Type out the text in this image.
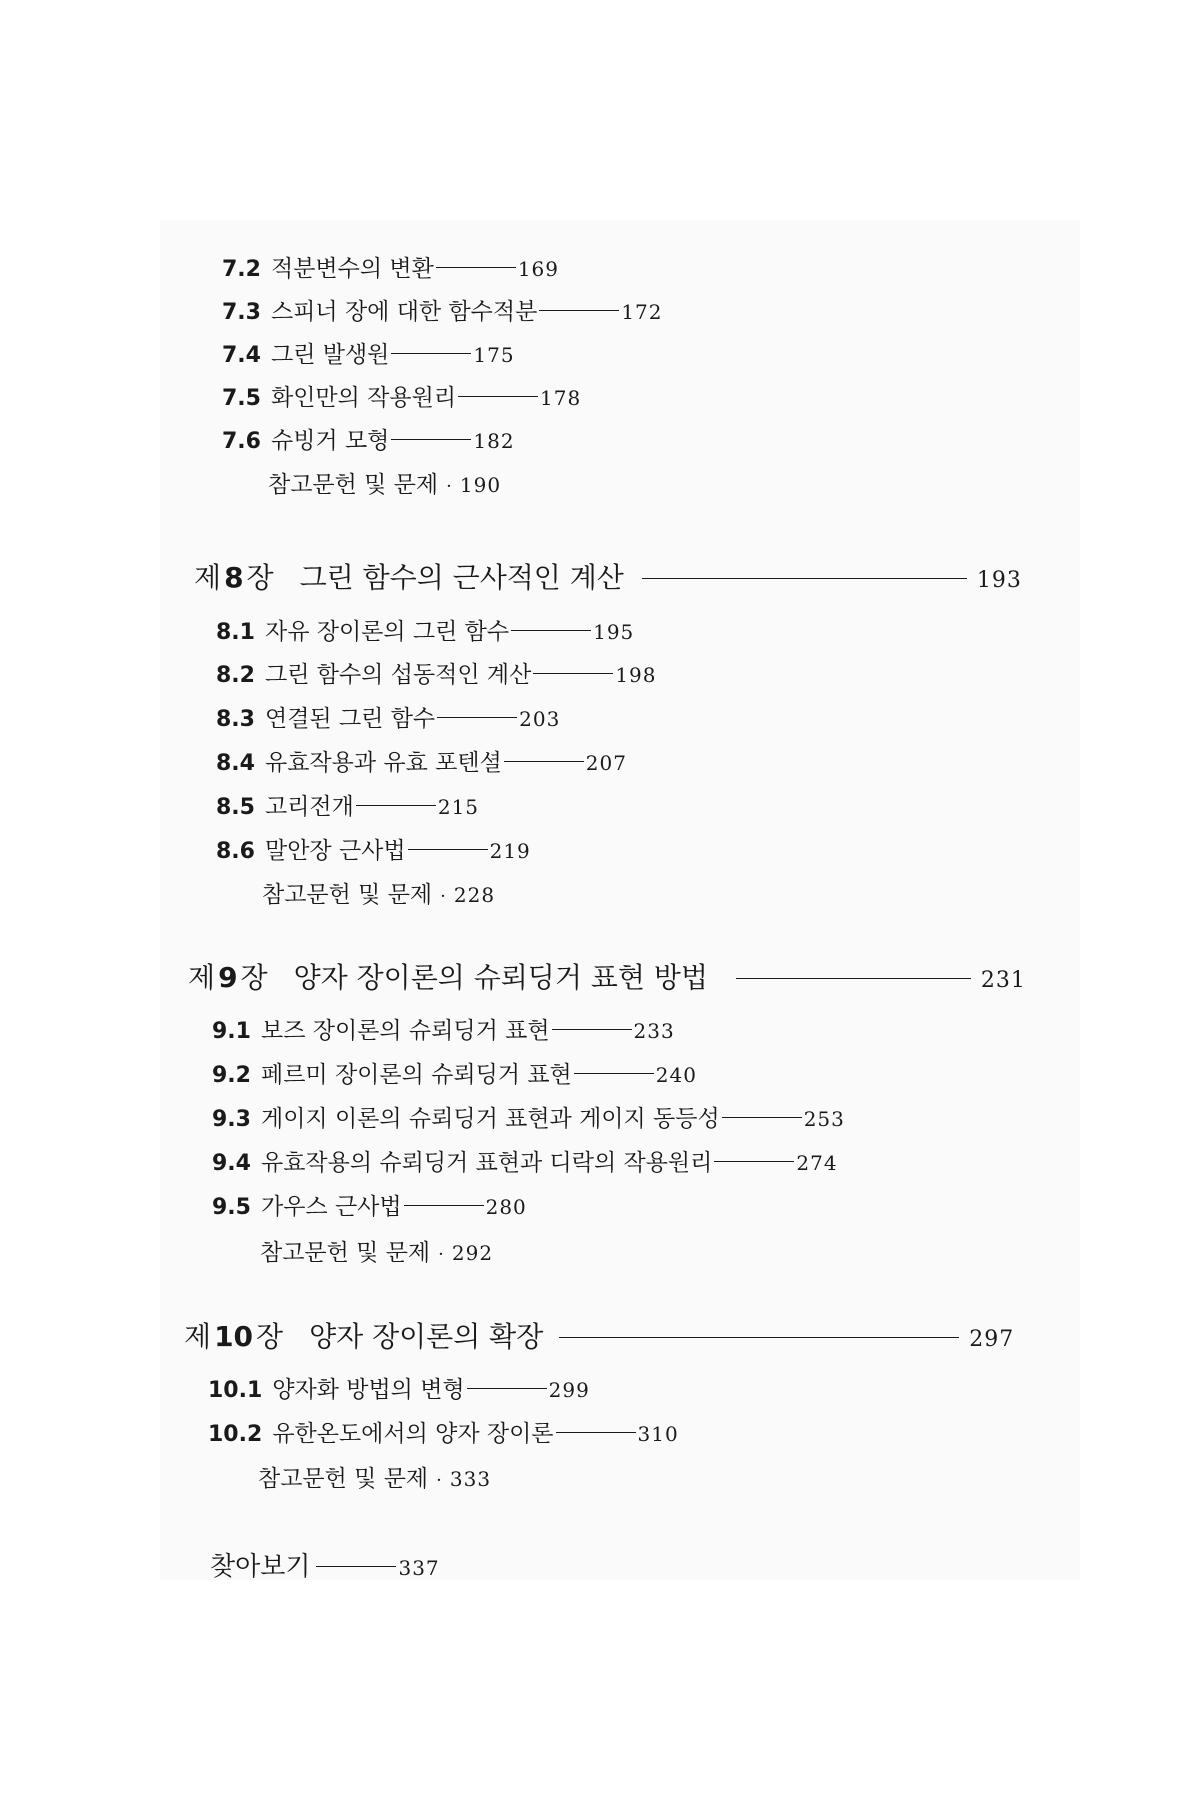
7.2 적분변수의 변환	169
7.3 스피너 장에 대한 함수적분	172
7.4 그린 발생원	175
7.5 화인만의 작용원리	178
7.6 슈빙거 모형	182
참고문헌 및 문제 · 190
제 8 장 그린 함수의 근사적인 계산	193
8.1 자유 장이론의 그린 함수	195
8.2 그린 함수의 섭동적인 계산	198
8.3 연결된 그린 함수	203
8.4 유효작용과 유효 포텐셜	207
8.5 고리전개	215
8.6 말안장 근사법	219
참고문헌 및 문제 · 228
제 9 장 양자 장이론의 슈뢰딩거 표현 방법	231
9.1 보즈 장이론의 슈뢰딩거 표현	233
9.2 페르미 장이론의 슈뢰딩거 표현	240
9.3 게이지 이론의 슈뢰딩거 표현과 게이지 동등성	253
9.4 유효작용의 슈뢰딩거 표현과 디락의 작용원리	274
9.5 가우스 근사법	280
참고문헌 및 문제 · 292
제 10 장 양자 장이론의 확장	297
10.1 양자화 방법의 변형	299
10.2 유한온도에서의 양자 장이론	310
참고문헌 및 문제 · 333
찾아보기	337
